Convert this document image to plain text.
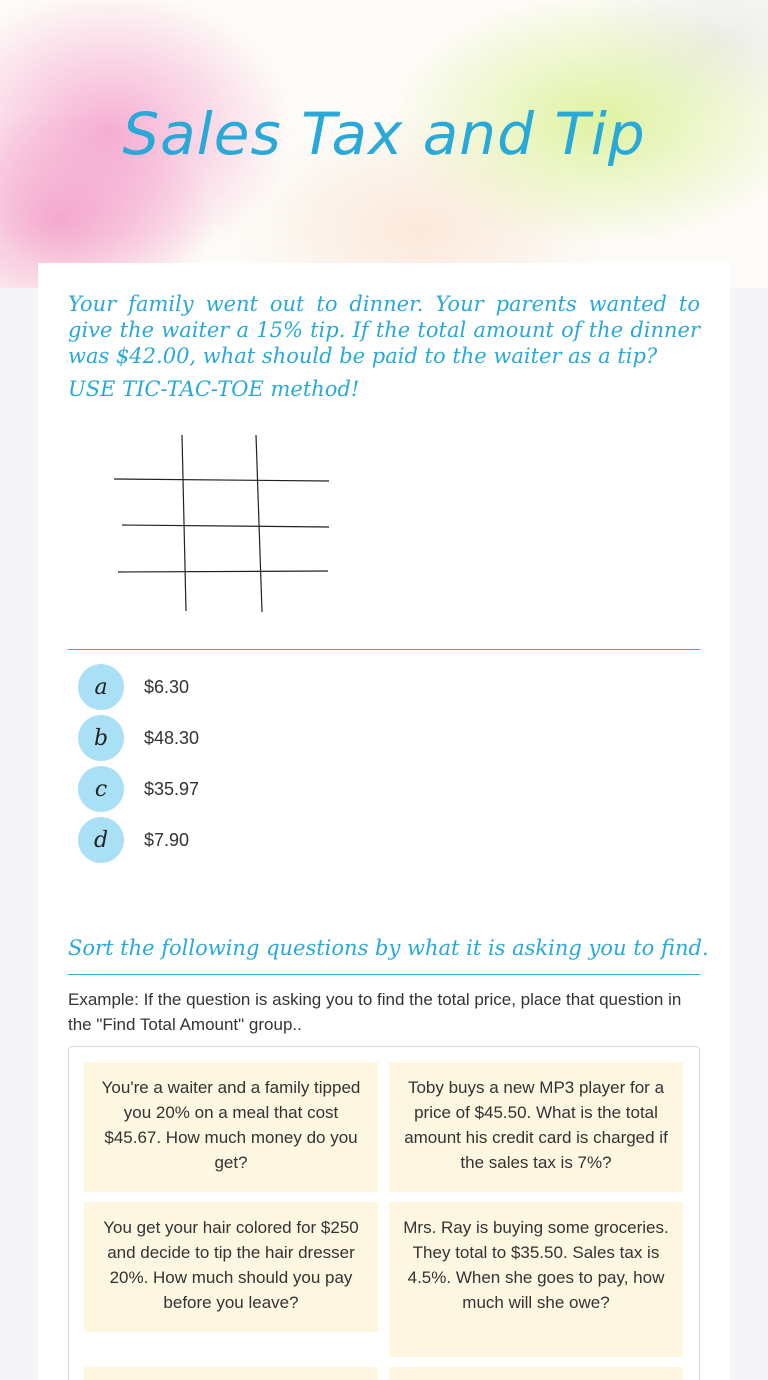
Sales Tax and Tip
Your family went out to dinner. Your parents wanted to give the waiter a 15% tip. If the total amount of the dinner was $42.00, what should be paid to the waiter as a tip?
USE TIC-TAC-TOE method!
a	$6.30
b	$48.30
c	$35.97
d	$7.90
Sort the following questions by what it is asking you to find.
Example: If the question is asking you to find the total price, place that question in the "Find Total Amount" group..
You're a waiter and a family tipped you 20% on a meal that cost $45.67. How much money do you get?
Toby buys a new MP3 player for a price of $45.50. What is the total amount his credit card is charged if the sales tax is 7%?
You get your hair colored for $250 and decide to tip the hair dresser 20%. How much should you pay before you leave?
Mrs. Ray is buying some groceries. They total to $35.50. Sales tax is 4.5%. When she goes to pay, how much will she owe?
